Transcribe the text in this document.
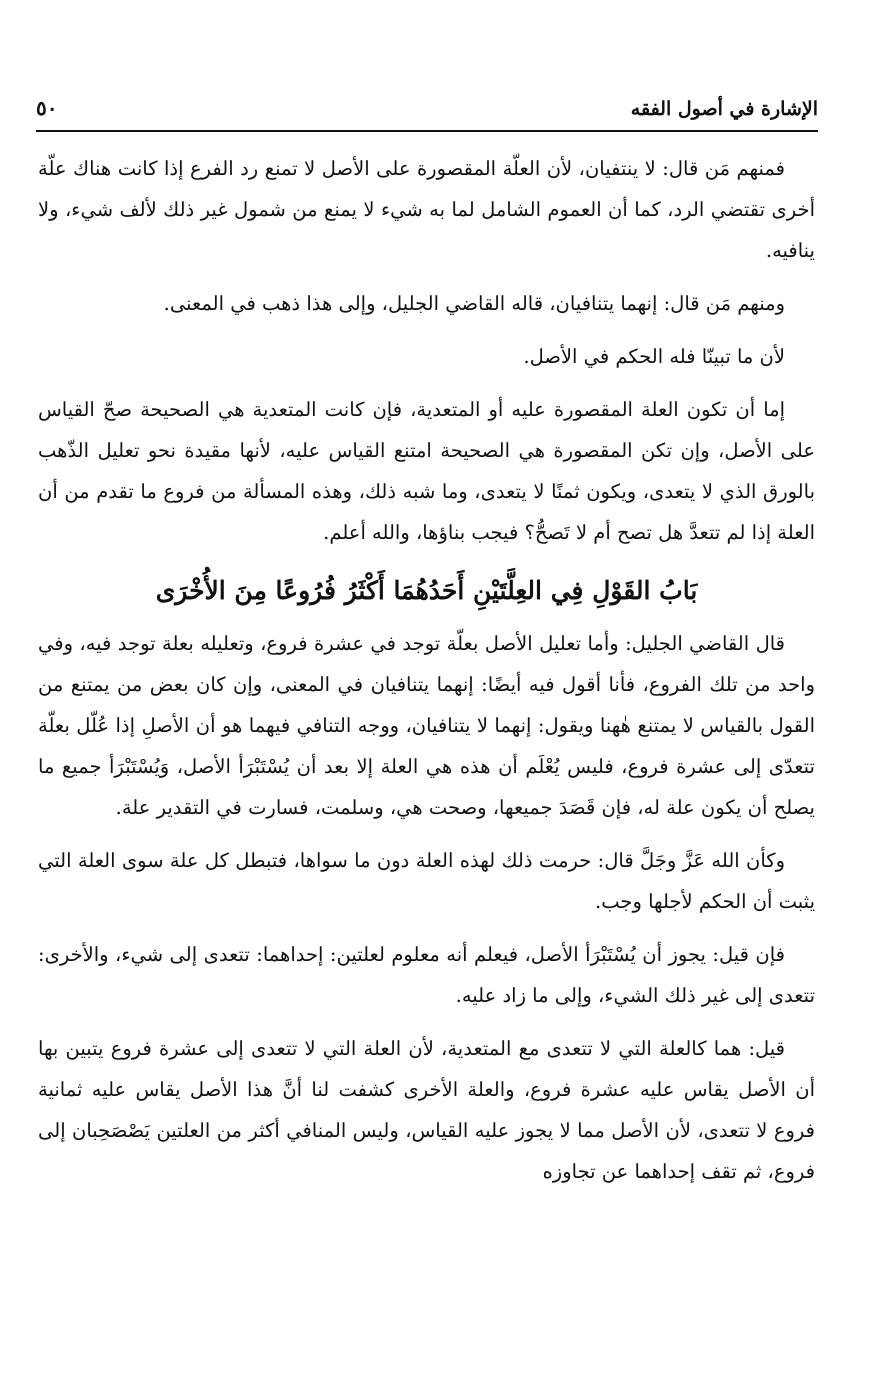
الإشارة في أصول الفقه
٥٠

فمنهم مَن قال: لا ينتفيان، لأن العلّة المقصورة على الأصل لا تمنع رد الفرع إذا كانت هناك علّة أخرى تقتضي الرد، كما أن العموم الشامل لما به شيء لا يمنع من شمول غير ذلك لألف شيء، ولا ينافيه.

ومنهم مَن قال: إنهما يتنافيان، قاله القاضي الجليل، وإلى هذا ذهب في المعنى.

لأن ما تبينّا فله الحكم في الأصل.

إما أن تكون العلة المقصورة عليه أو المتعدية، فإن كانت المتعدية هي الصحيحة صحّ القياس على الأصل، وإن تكن المقصورة هي الصحيحة امتنع القياس عليه، لأنها مقيدة نحو تعليل الذّهب بالورق الذي لا يتعدى، ويكون ثمنًا لا يتعدى، وما شبه ذلك، وهذه المسألة من فروع ما تقدم من أن العلة إذا لم تتعدَّ هل تصح أم لا تَصحُّ؟ فيجب بناؤها، والله أعلم.

بَابُ القَوْلِ فِي العِلَّتَيْنِ أَحَدُهُمَا أَكْثَرُ فُرُوعًا مِنَ الأُخْرَى

قال القاضي الجليل: وأما تعليل الأصل بعلّة توجد في عشرة فروع، وتعليله بعلة توجد فيه، وفي واحد من تلك الفروع، فأنا أقول فيه أيضًا: إنهما يتنافيان في المعنى، وإن كان بعض من يمتنع من القول بالقياس لا يمتنع هٰهنا ويقول: إنهما لا يتنافيان، ووجه التنافي فيهما هو أن الأصلِ إذا عُلّل بعلّة تتعدّى إلى عشرة فروع، فليس يُعْلَم أن هذه هي العلة إلا بعد أن يُسْتَبْرَأ الأصل، وَيُسْتَبْرَأ جميع ما يصلح أن يكون علة له، فإن قَصَدَ جميعها، وصحت هي، وسلمت، فسارت في التقدير علة.

وكأن الله عَزَّ وجَلَّ قال: حرمت ذلك لهذه العلة دون ما سواها، فتبطل كل علة سوى العلة التي يثبت أن الحكم لأجلها وجب.

فإن قيل: يجوز أن يُسْتَبْرَأ الأصل، فيعلم أنه معلوم لعلتين: إحداهما: تتعدى إلى شيء، والأخرى: تتعدى إلى غير ذلك الشيء، وإلى ما زاد عليه.

قيل: هما كالعلة التي لا تتعدى مع المتعدية، لأن العلة التي لا تتعدى إلى عشرة فروع يتبين بها أن الأصل يقاس عليه عشرة فروع، والعلة الأخرى كشفت لنا أنَّ هذا الأصل يقاس عليه ثمانية فروع لا تتعدى، لأن الأصل مما لا يجوز عليه القياس، وليس المنافي أكثر من العلتين يَصْصَحِبان إلى فروع، ثم تقف إحداهما عن تجاوزه
